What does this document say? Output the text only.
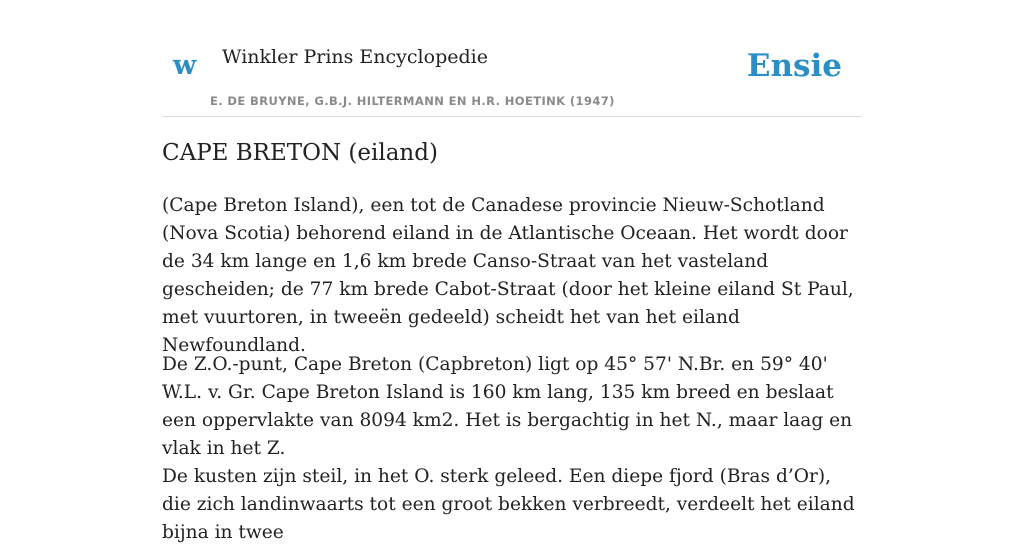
w Winkler Prins Encyclopedie
E. DE BRUYNE, G.B.J. HILTERMANN EN H.R. HOETINK (1947)
Ensie
CAPE BRETON (eiland)

(Cape Breton Island), een tot de Canadese provincie Nieuw-Schotland (Nova Scotia) behorend eiland in de Atlantische Oceaan. Het wordt door de 34 km lange en 1,6 km brede Canso-Straat van het vasteland gescheiden; de 77 km brede Cabot-Straat (door het kleine eiland St Paul, met vuurtoren, in tweeën gedeeld) scheidt het van het eiland Newfoundland.

De Z.O.-punt, Cape Breton (Capbreton) ligt op 45° 57' N.Br. en 59° 40' W.L. v. Gr. Cape Breton Island is 160 km lang, 135 km breed en beslaat een oppervlakte van 8094 km2. Het is bergachtig in het N., maar laag en vlak in het Z.

De kusten zijn steil, in het O. sterk geleed. Een diepe fjord (Bras d’Or), die zich landinwaarts tot een groot bekken verbreedt, verdeelt het eiland bijna in twee
